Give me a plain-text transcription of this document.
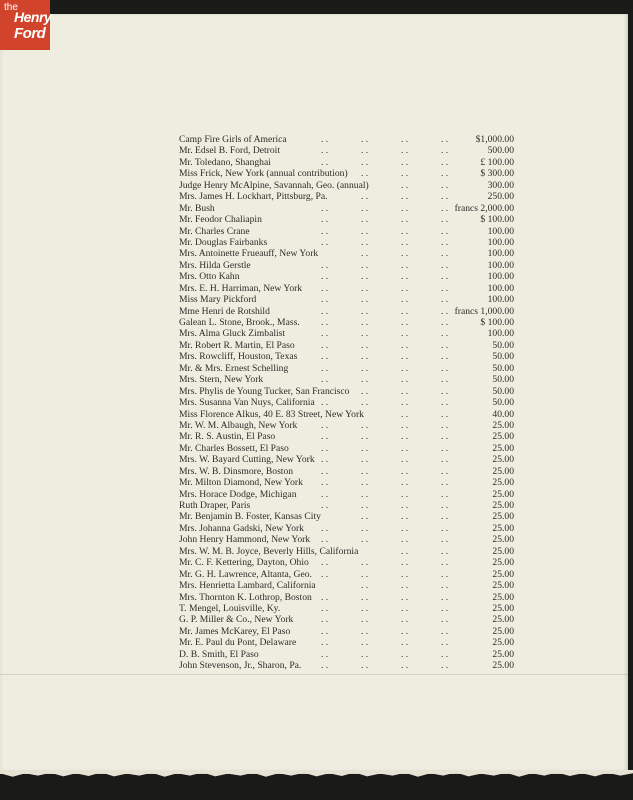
the
Henry
Ford
. .	. .	. .	. .
Camp Fire Girls of America	$1,000.00
. .	. .	. .	. .
Mr. Edsel B. Ford, Detroit	500.00
. .	. .	. .	. .
Mr. Toledano, Shanghai	£ 100.00
. .	. .	. .
Miss Frick, New York (annual contribution)	$ 300.00
. .	. .
Judge Henry McAlpine, Savannah, Geo. (annual)	300.00
. .	. .	. .
Mrs. James H. Lockhart, Pittsburg, Pa.	250.00
. .	. .	. .	. .
Mr. Bush	francs 2,000.00
. .	. .	. .	. .
Mr. Feodor Chaliapin	$ 100.00
. .	. .	. .	. .
Mr. Charles Crane	100.00
. .	. .	. .	. .
Mr. Douglas Fairbanks	100.00
. .	. .	. .
Mrs. Antoinette Frueauff, New York	100.00
. .	. .	. .	. .
Mrs. Hilda Gerstle	100.00
. .	. .	. .	. .
Mrs. Otto Kahn	100.00
. .	. .	. .	. .
Mrs. E. H. Harriman, New York	100.00
. .	. .	. .	. .
Miss Mary Pickford	100.00
. .	. .	. .	. .
Mme Henri de Rotshild	francs 1,000.00
. .	. .	. .	. .
Galean L. Stone, Brook., Mass.	$ 100.00
. .	. .	. .	. .
Mrs. Alma Gluck Zimbalist	100.00
. .	. .	. .	. .
Mr. Robert R. Martin, El Paso	50.00
. .	. .	. .	. .
Mrs. Rowcliff, Houston, Texas	50.00
. .	. .	. .	. .
Mr. & Mrs. Ernest Schelling	50.00
. .	. .	. .	. .
Mrs. Stern, New York	50.00
. .	. .	. .
Mrs. Phylis de Young Tucker, San Francisco	50.00
. .	. .	. .	. .
Mrs. Susanna Van Nuys, California	50.00
. .	. .
Miss Florence Alkus, 40 E. 83 Street, New York	40.00
. .	. .	. .	. .
Mr. W. M. Albaugh, New York	25.00
. .	. .	. .	. .
Mr. R. S. Austin, El Paso	25.00
. .	. .	. .	. .
Mr. Charles Bossett, El Paso	25.00
. .	. .	. .	. .
Mrs. W. Bayard Cutting, New York	25.00
. .	. .	. .	. .
Mrs. W. B. Dinsmore, Boston	25.00
. .	. .	. .	. .
Mr. Milton Diamond, New York	25.00
. .	. .	. .	. .
Mrs. Horace Dodge, Michigan	25.00
. .	. .	. .	. .
Ruth Draper, Paris	25.00
. .	. .	. .
Mr. Benjamin B. Foster, Kansas City	25.00
. .	. .	. .	. .
Mrs. Johanna Gadski, New York	25.00
. .	. .	. .	. .
John Henry Hammond, New York	25.00
. .	. .
Mrs. W. M. B. Joyce, Beverly Hills, California	25.00
. .	. .	. .	. .
Mr. C. F. Kettering, Dayton, Ohio	25.00
. .	. .	. .	. .
Mr. G. H. Lawrence, Altanta, Geo.	25.00
. .	. .	. .
Mrs. Henrietta Lambard, California	25.00
. .	. .	. .	. .
Mrs. Thornton K. Lothrop, Boston	25.00
. .	. .	. .	. .
T. Mengel, Louisville, Ky.	25.00
. .	. .	. .	. .
G. P. Miller & Co., New York	25.00
. .	. .	. .	. .
Mr. James McKarey, El Paso	25.00
. .	. .	. .	. .
Mr. E. Paul du Pont, Delaware	25.00
. .	. .	. .	. .
D. B. Smith, El Paso	25.00
. .	. .	. .	. .
John Stevenson, Jr., Sharon, Pa.	25.00
